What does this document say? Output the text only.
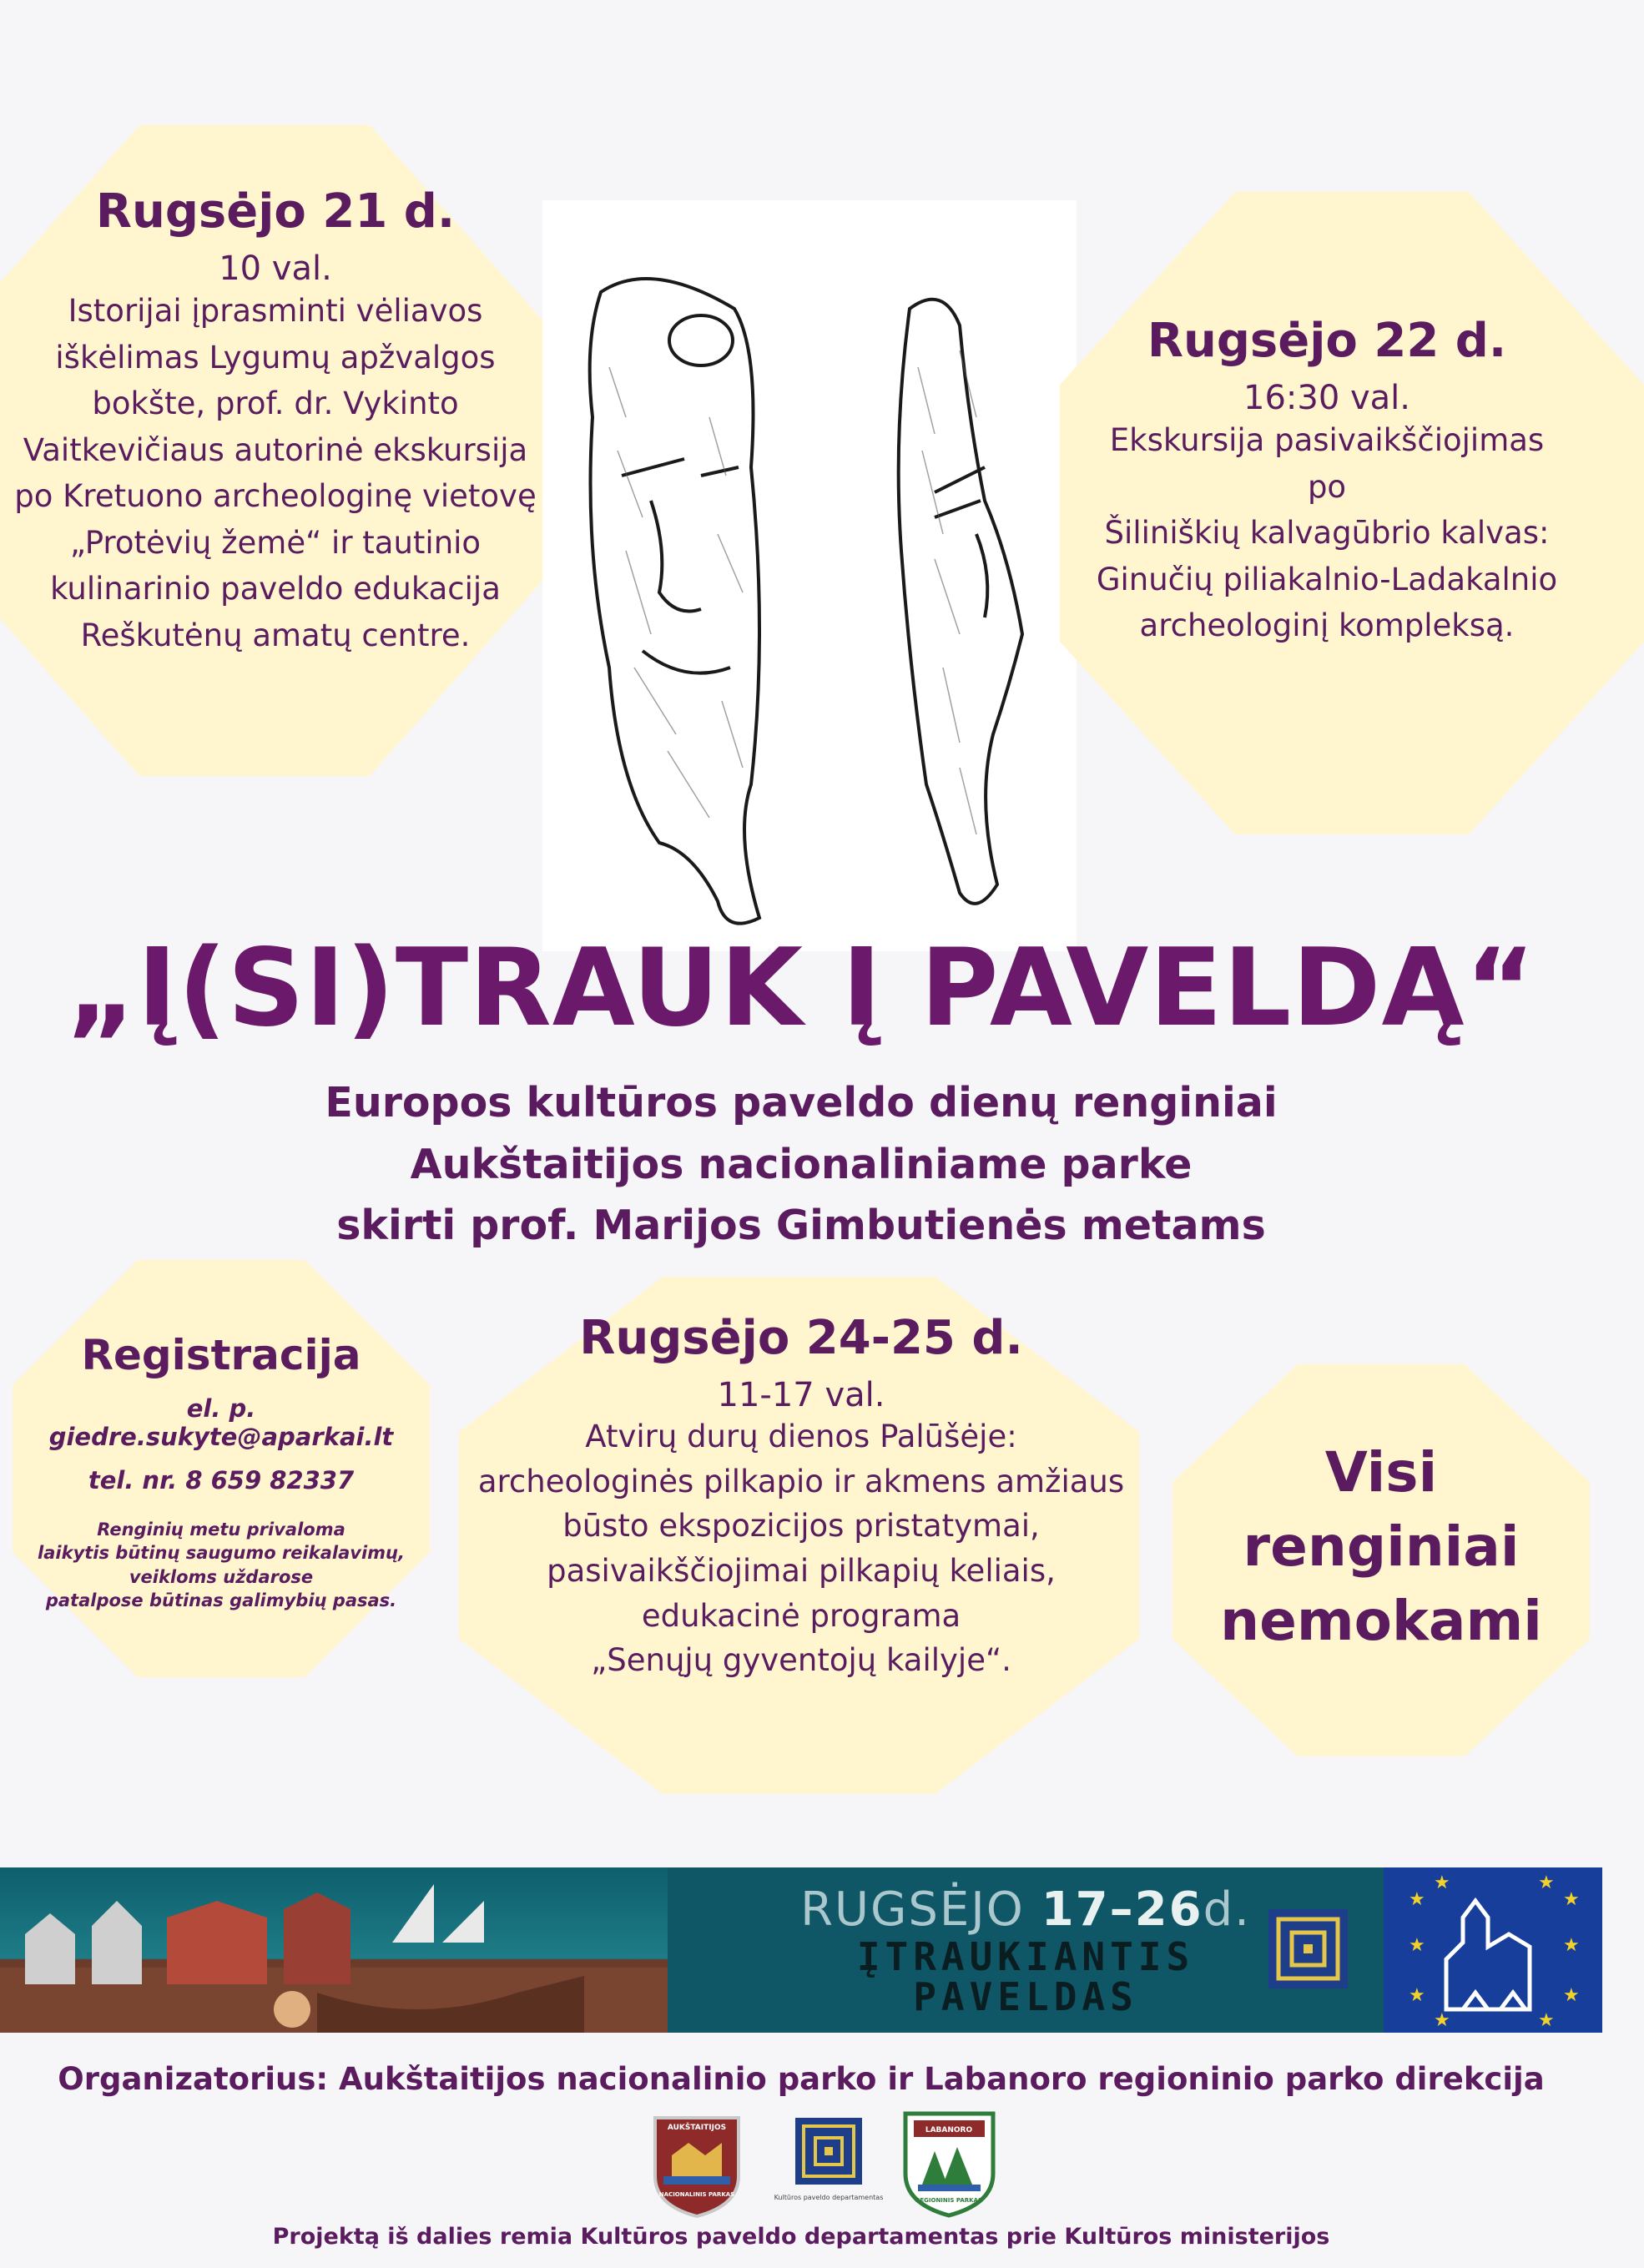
Rugsėjo 21 d.
10 val.
Istorijai įprasminti vėliavos
iškėlimas Lygumų apžvalgos
bokšte, prof. dr. Vykinto
Vaitkevičiaus autorinė ekskursija
po Kretuono archeologinę vietovę
„Protėvių žemė“ ir tautinio
kulinarinio paveldo edukacija
Reškutėnų amatų centre.
Rugsėjo 22 d.
16:30 val.
Ekskursija pasivaikščiojimas
po
Šiliniškių kalvagūbrio kalvas:
Ginučių piliakalnio-Ladakalnio
archeologinį kompleksą.
„Į(SI)TRAUK Į PAVELDĄ“
Europos kultūros paveldo dienų renginiai
Aukštaitijos nacionaliniame parke
skirti prof. Marijos Gimbutienės metams
Registracija
el. p. giedre.sukyte@aparkai.lt
tel. nr. 8 659 82337
Renginių metu privaloma
laikytis būtinų saugumo reikalavimų,
veikloms uždarose
patalpose būtinas galimybių pasas.
Rugsėjo 24-25 d.
11-17 val.
Atvirų durų dienos Palūšėje:
archeologinės pilkapio ir akmens amžiaus
būsto ekspozicijos pristatymai,
pasivaikščiojimai pilkapių keliais,
edukacinė programa
„Senųjų gyventojų kailyje“.
Visi
renginiai
nemokami
RUGSĖJO 17–26d.
ĮTRAUKIANTIS
PAVELDAS
★
★
★
★
★
★
★
★
★
★
Organizatorius: Aukštaitijos nacionalinio parko ir Labanoro regioninio parko direkcija
AUKŠTAITIJOS
NACIONALINIS PARKAS	Kultūros paveldo departamentas
LABANORO
REGIONINIS PARKAS
Projektą iš dalies remia Kultūros paveldo departamentas prie Kultūros ministerijos
